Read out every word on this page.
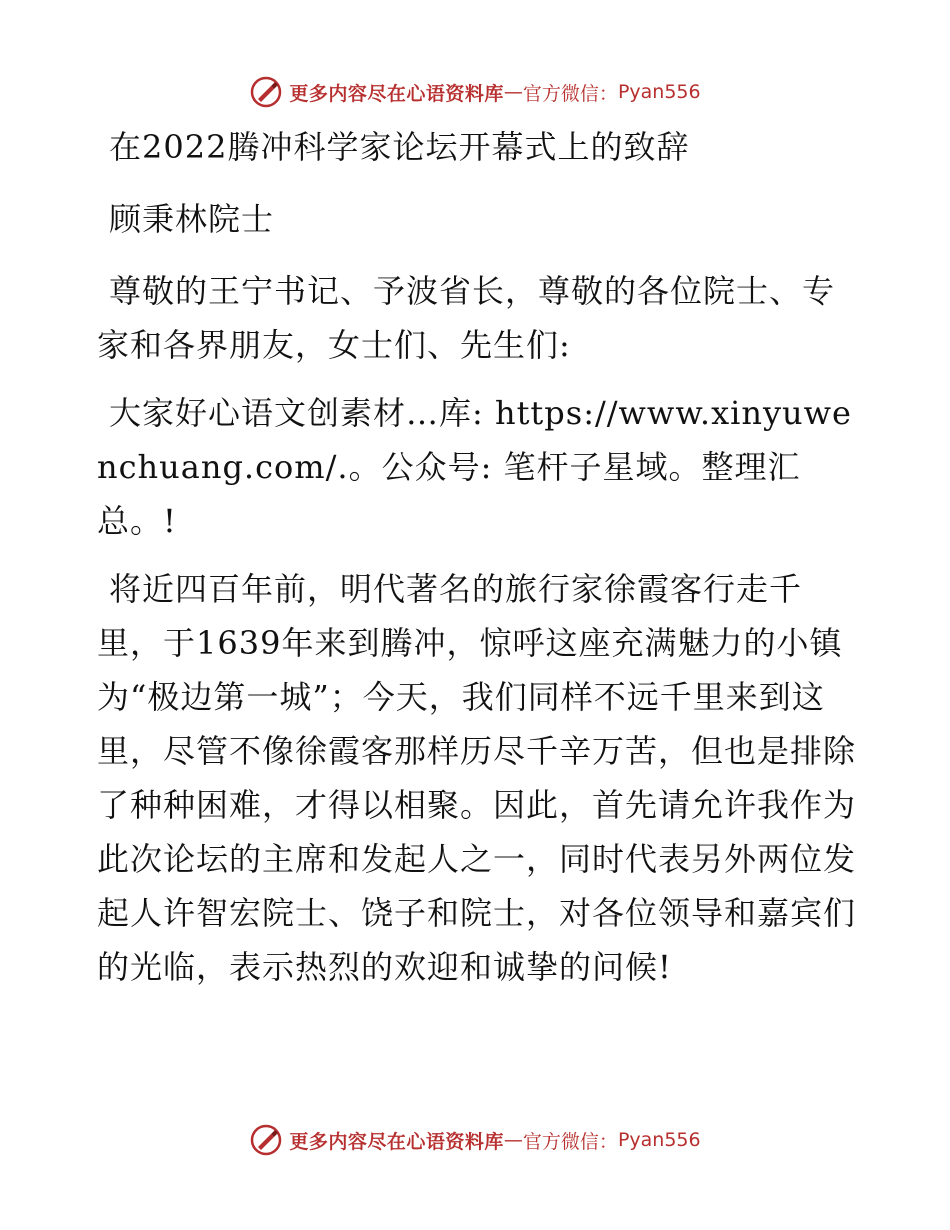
更多内容尽在心语资料库 — 官方微信： Pyan556

在2022腾冲科学家论坛开幕式上的致辞

顾秉林院士

尊敬的王宁书记、予波省长，尊敬的各位院士、专家和各界朋友，女士们、先生们:

大家好心语文创素材…库: https://www.xinyuwenchuang.com/.。公众号: 笔杆子星域。整理汇总。!

将近四百年前，明代著名的旅行家徐霞客行走千里，于1639年来到腾冲，惊呼这座充满魅力的小镇为“极边第一城”；今天，我们同样不远千里来到这里，尽管不像徐霞客那样历尽千辛万苦，但也是排除了种种困难，才得以相聚。因此，首先请允许我作为此次论坛的主席和发起人之一，同时代表另外两位发起人许智宏院士、饶子和院士，对各位领导和嘉宾们的光临，表示热烈的欢迎和诚挚的问候!

更多内容尽在心语资料库 — 官方微信： Pyan556
